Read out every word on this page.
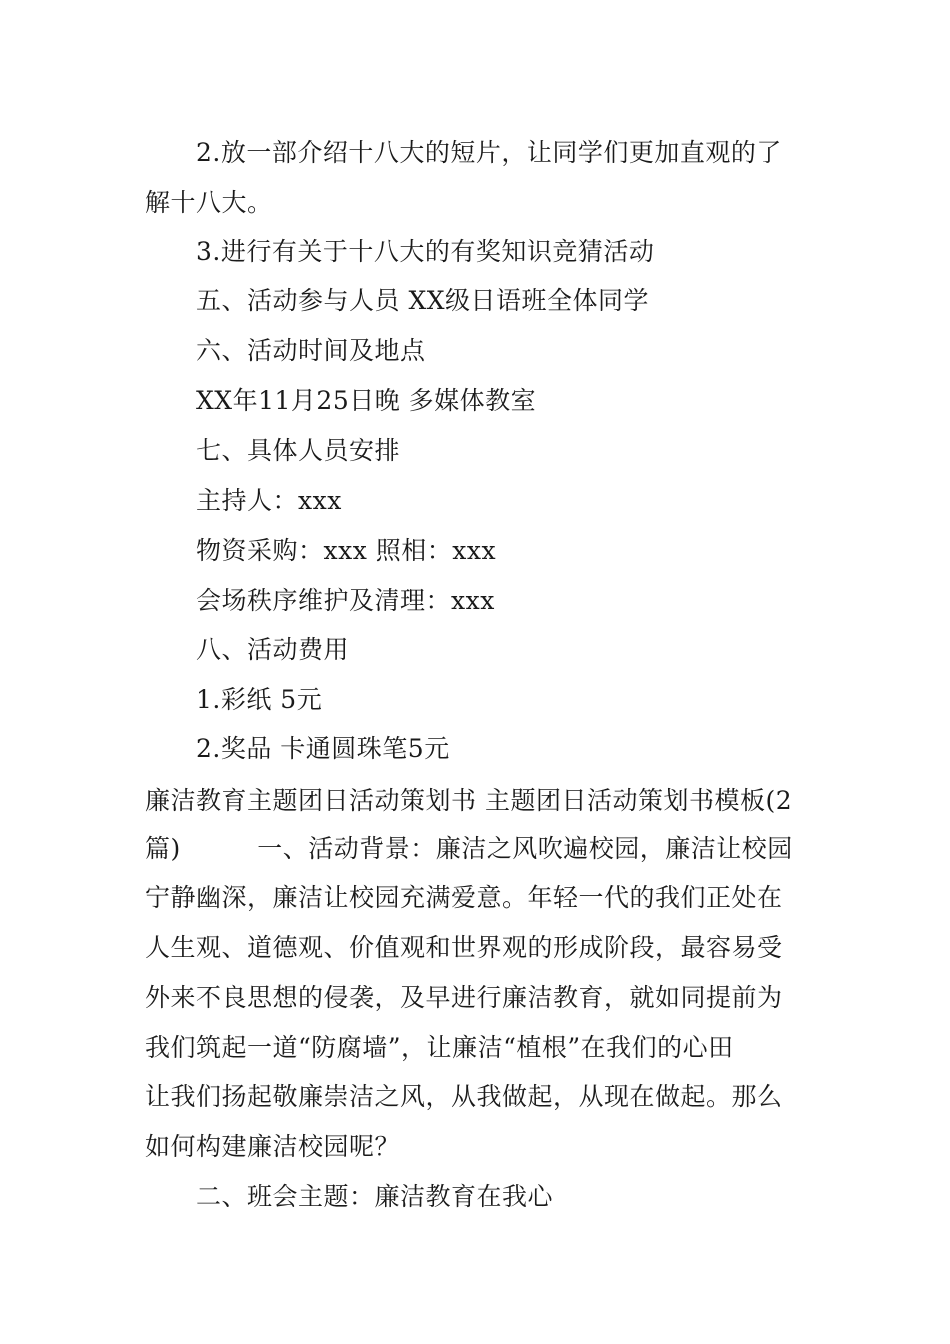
2.放一部介绍十八大的短片，让同学们更加直观的了
解十八大。
3.进行有关于十八大的有奖知识竞猜活动
五、活动参与人员 XX级日语班全体同学
六、活动时间及地点
XX年11月25日晚 多媒体教室
七、具体人员安排
主持人：xxx
物资采购：xxx 照相：xxx
会场秩序维护及清理：xxx
八、活动费用
1.彩纸 5元
2.奖品 卡通圆珠笔5元
廉洁教育主题团日活动策划书 主题团日活动策划书模板(2
篇)　　　一、活动背景：廉洁之风吹遍校园，廉洁让校园
宁静幽深，廉洁让校园充满爱意。年轻一代的我们正处在
人生观、道德观、价值观和世界观的形成阶段，最容易受
外来不良思想的侵袭，及早进行廉洁教育，就如同提前为
我们筑起一道“防腐墙”，让廉洁“植根”在我们的心田
让我们扬起敬廉崇洁之风，从我做起，从现在做起。那么
如何构建廉洁校园呢？
二、班会主题：廉洁教育在我心
